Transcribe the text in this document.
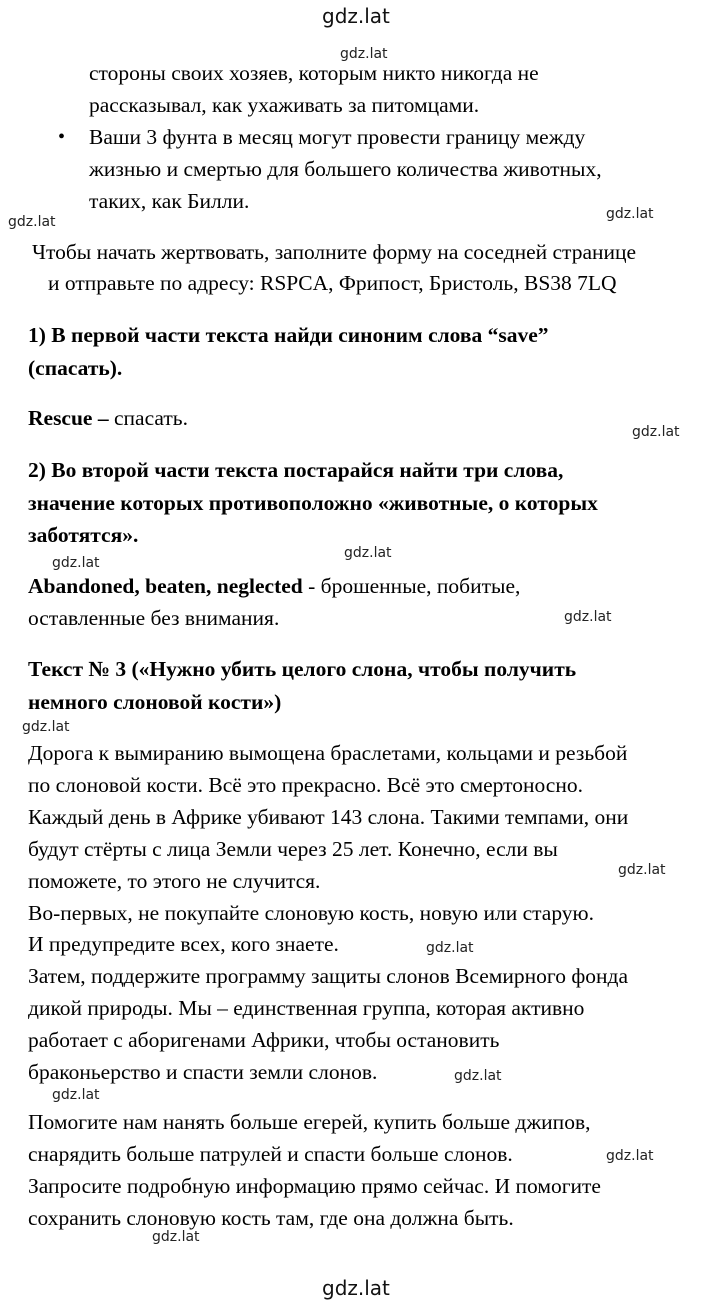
gdz.lat
gdz.lat
gdz.lat	gdz.lat
gdz.lat
gdz.lat
gdz.lat
gdz.lat
gdz.lat
gdz.lat
gdz.lat
gdz.lat
gdz.lat
gdz.lat
gdz.lat
gdz.lat
стороны своих хозяев, которым никто никогда не
рассказывал, как ухаживать за питомцами.
• Ваши 3 фунта в месяц могут провести границу между
жизнью и смертью для большего количества животных,
таких, как Билли.
Чтобы начать жертвовать, заполните форму на соседней странице
и отправьте по адресу: RSPCA, Фрипост, Бристоль, BS38 7LQ
1) В первой части текста найди синоним слова “save”
(спасать).
Rescue – спасать.
2) Во второй части текста постарайся найти три слова,
значение которых противоположно «животные, о которых
заботятся».
Abandoned, beaten, neglected - брошенные, побитые,
оставленные без внимания.
Текст № 3 («Нужно убить целого слона, чтобы получить
немного слоновой кости»)
Дорога к вымиранию вымощена браслетами, кольцами и резьбой
по слоновой кости. Всё это прекрасно. Всё это смертоносно.
Каждый день в Африке убивают 143 слона. Такими темпами, они
будут стёрты с лица Земли через 25 лет. Конечно, если вы
поможете, то этого не случится.
Во-первых, не покупайте слоновую кость, новую или старую.
И предупредите всех, кого знаете.
Затем, поддержите программу защиты слонов Всемирного фонда
дикой природы. Мы – единственная группа, которая активно
работает с аборигенами Африки, чтобы остановить
браконьерство и спасти земли слонов.
Помогите нам нанять больше егерей, купить больше джипов,
снарядить больше патрулей и спасти больше слонов.
Запросите подробную информацию прямо сейчас. И помогите
сохранить слоновую кость там, где она должна быть.
